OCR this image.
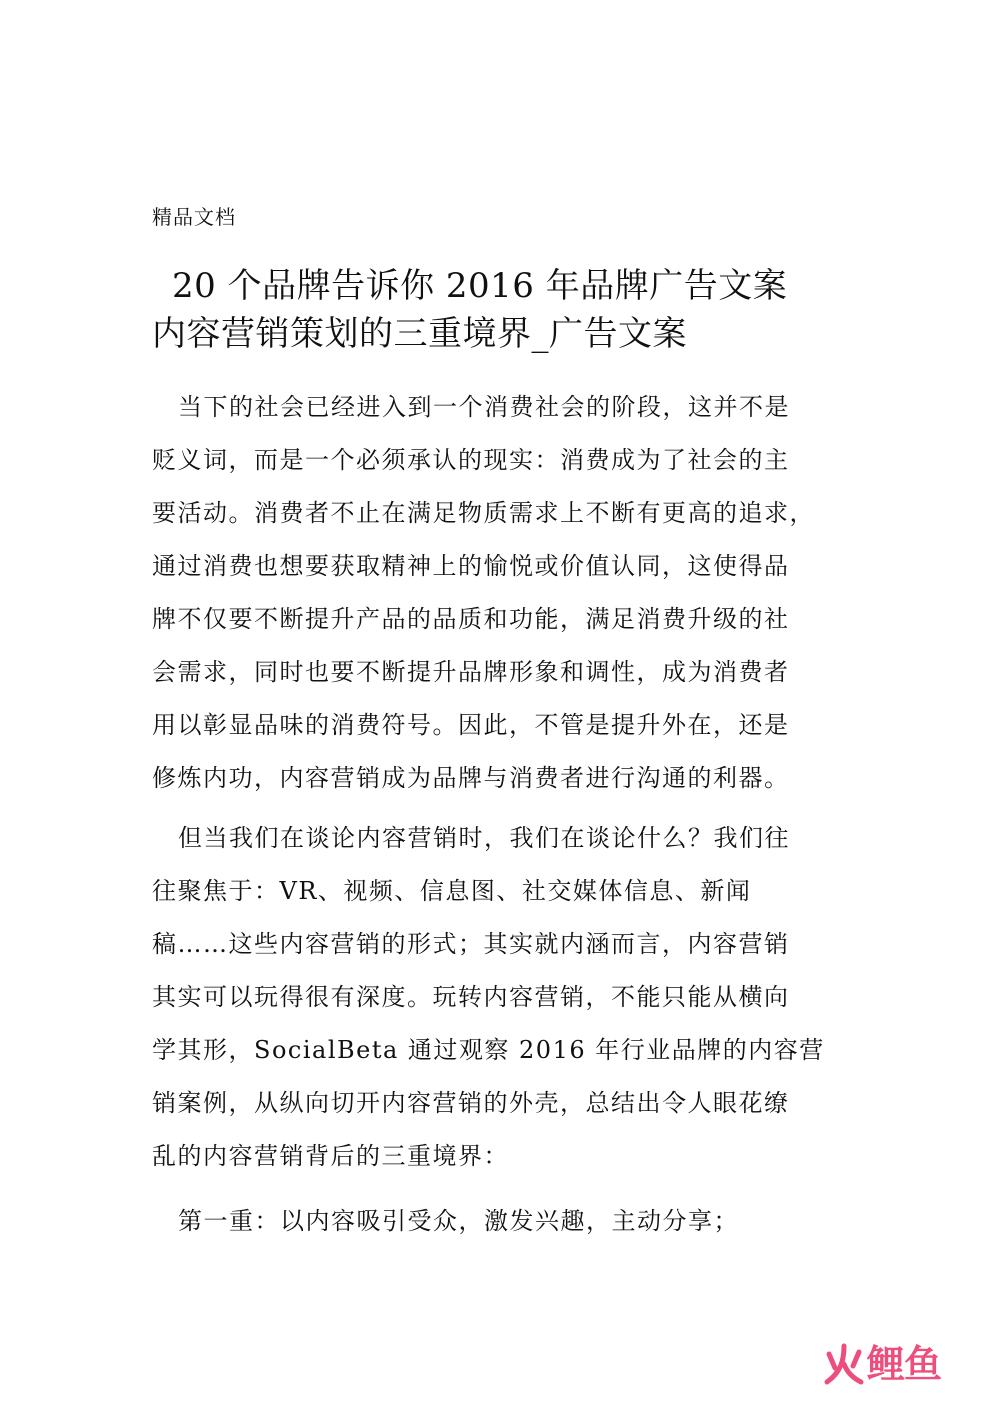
精品文档

20 个品牌告诉你 2016 年品牌广告文案
内容营销策划的三重境界_广告文案

当下的社会已经进入到一个消费社会的阶段，这并不是
贬义词，而是一个必须承认的现实：消费成为了社会的主
要活动。消费者不止在满足物质需求上不断有更高的追求，
通过消费也想要获取精神上的愉悦或价值认同，这使得品
牌不仅要不断提升产品的品质和功能，满足消费升级的社
会需求，同时也要不断提升品牌形象和调性，成为消费者
用以彰显品味的消费符号。因此，不管是提升外在，还是
修炼内功，内容营销成为品牌与消费者进行沟通的利器。

但当我们在谈论内容营销时，我们在谈论什么？我们往
往聚焦于：VR、视频、信息图、社交媒体信息、新闻
稿……这些内容营销的形式；其实就内涵而言，内容营销
其实可以玩得很有深度。玩转内容营销，不能只能从横向
学其形，SocialBeta 通过观察 2016 年行业品牌的内容营
销案例，从纵向切开内容营销的外壳，总结出令人眼花缭
乱的内容营销背后的三重境界：

第一重：以内容吸引受众，激发兴趣，主动分享；

鲤鱼
